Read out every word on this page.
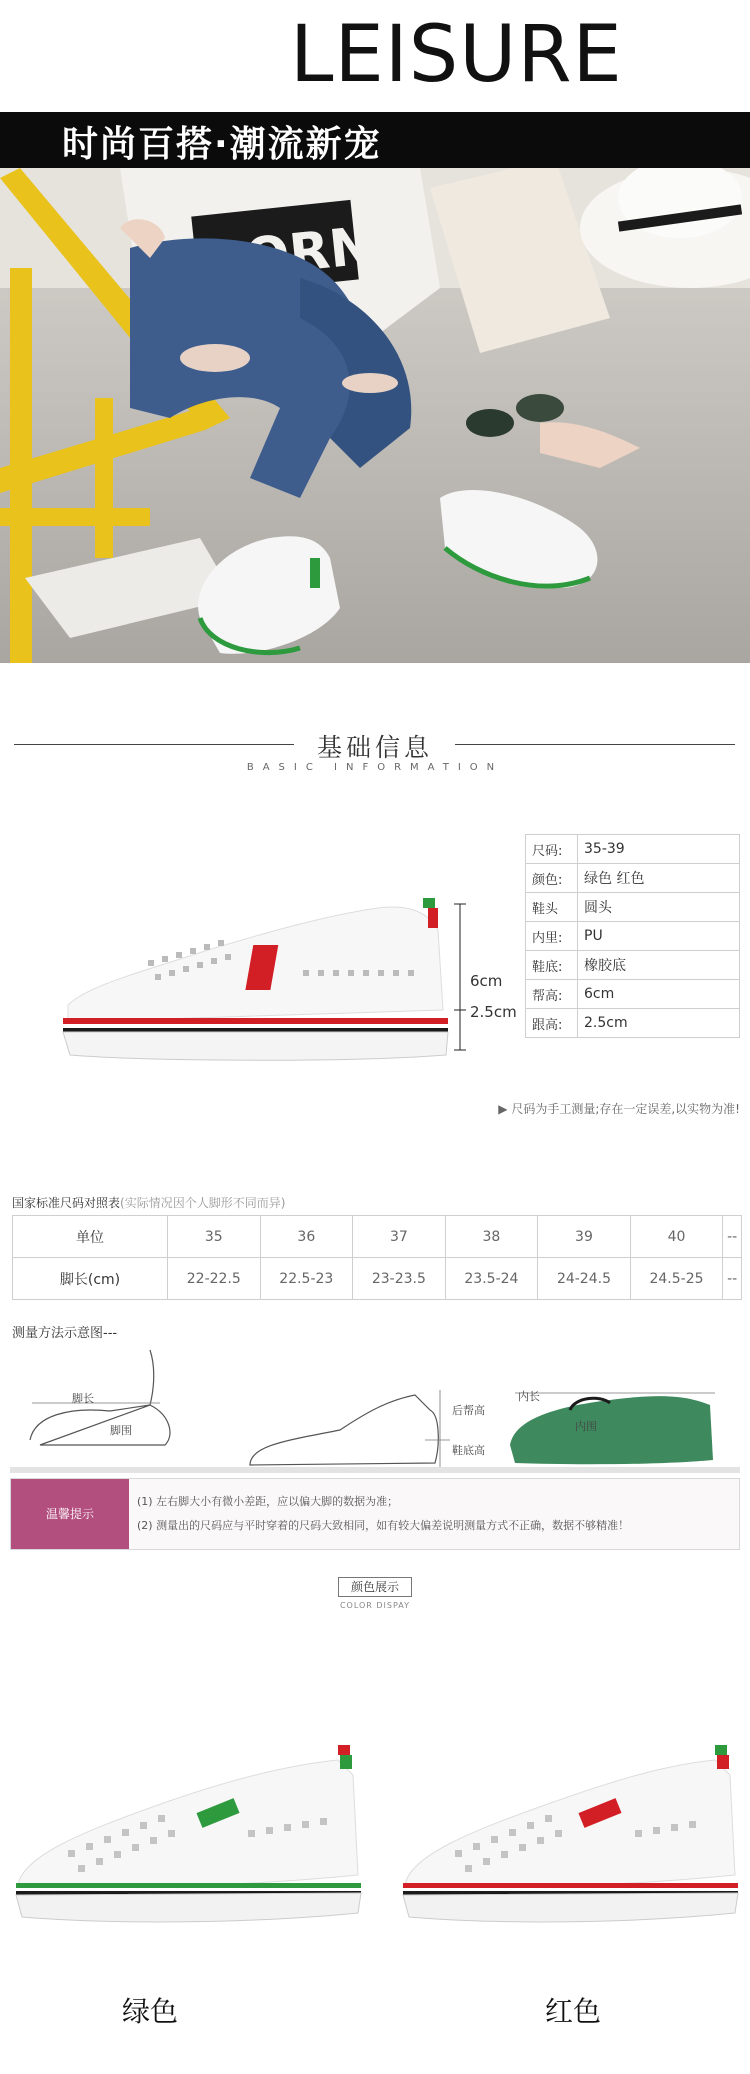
LEISURE
时尚百搭·潮流新宠
基础信息
BASIC INFORMATION
6cm
2.5cm
尺码:	35-39
颜色:	绿色 红色
鞋头	圆头
内里:	PU
鞋底:	橡胶底
帮高:	6cm
跟高:	2.5cm
▶ 尺码为手工测量;存在一定误差,以实物为准!
国家标准尺码对照表(实际情况因个人脚形不同而异)
单位	35	36	37	38	39	40	--
脚长(cm)	22-22.5	22.5-23	23-23.5	23.5-24	24-24.5	24.5-25	--
测量方法示意图---
脚长
脚围
后帮高
鞋底高
内长
内围
温馨提示
(1) 左右脚大小有微小差距，应以偏大脚的数据为准；
(2) 测量出的尺码应与平时穿着的尺码大致相同，如有较大偏差说明测量方式不正确，数据不够精准！
颜色展示
COLOR DISPAY
绿色	红色
